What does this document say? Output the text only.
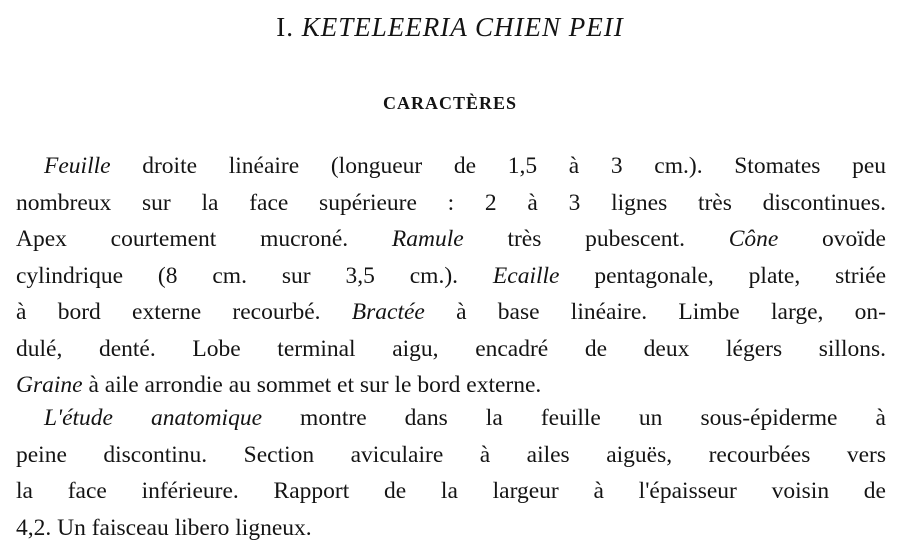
I. KETELEERIA CHIEN PEII
CARACTÈRES
Feuille droite linéaire (longueur de 1,5 à 3 cm.). Stomates peu
nombreux sur la face supérieure : 2 à 3 lignes très discontinues.
Apex courtement mucroné. Ramule très pubescent. Cône ovoïde
cylindrique (8 cm. sur 3,5 cm.). Ecaille pentagonale, plate, striée
à bord externe recourbé. Bractée à base linéaire. Limbe large, on-
dulé, denté. Lobe terminal aigu, encadré de deux légers sillons.
Graine à aile arrondie au sommet et sur le bord externe.
L'étude anatomique montre dans la feuille un sous-épiderme à
peine discontinu. Section aviculaire à ailes aiguës, recourbées vers
la face inférieure. Rapport de la largeur à l'épaisseur voisin de
4,2. Un faisceau libero ligneux.
